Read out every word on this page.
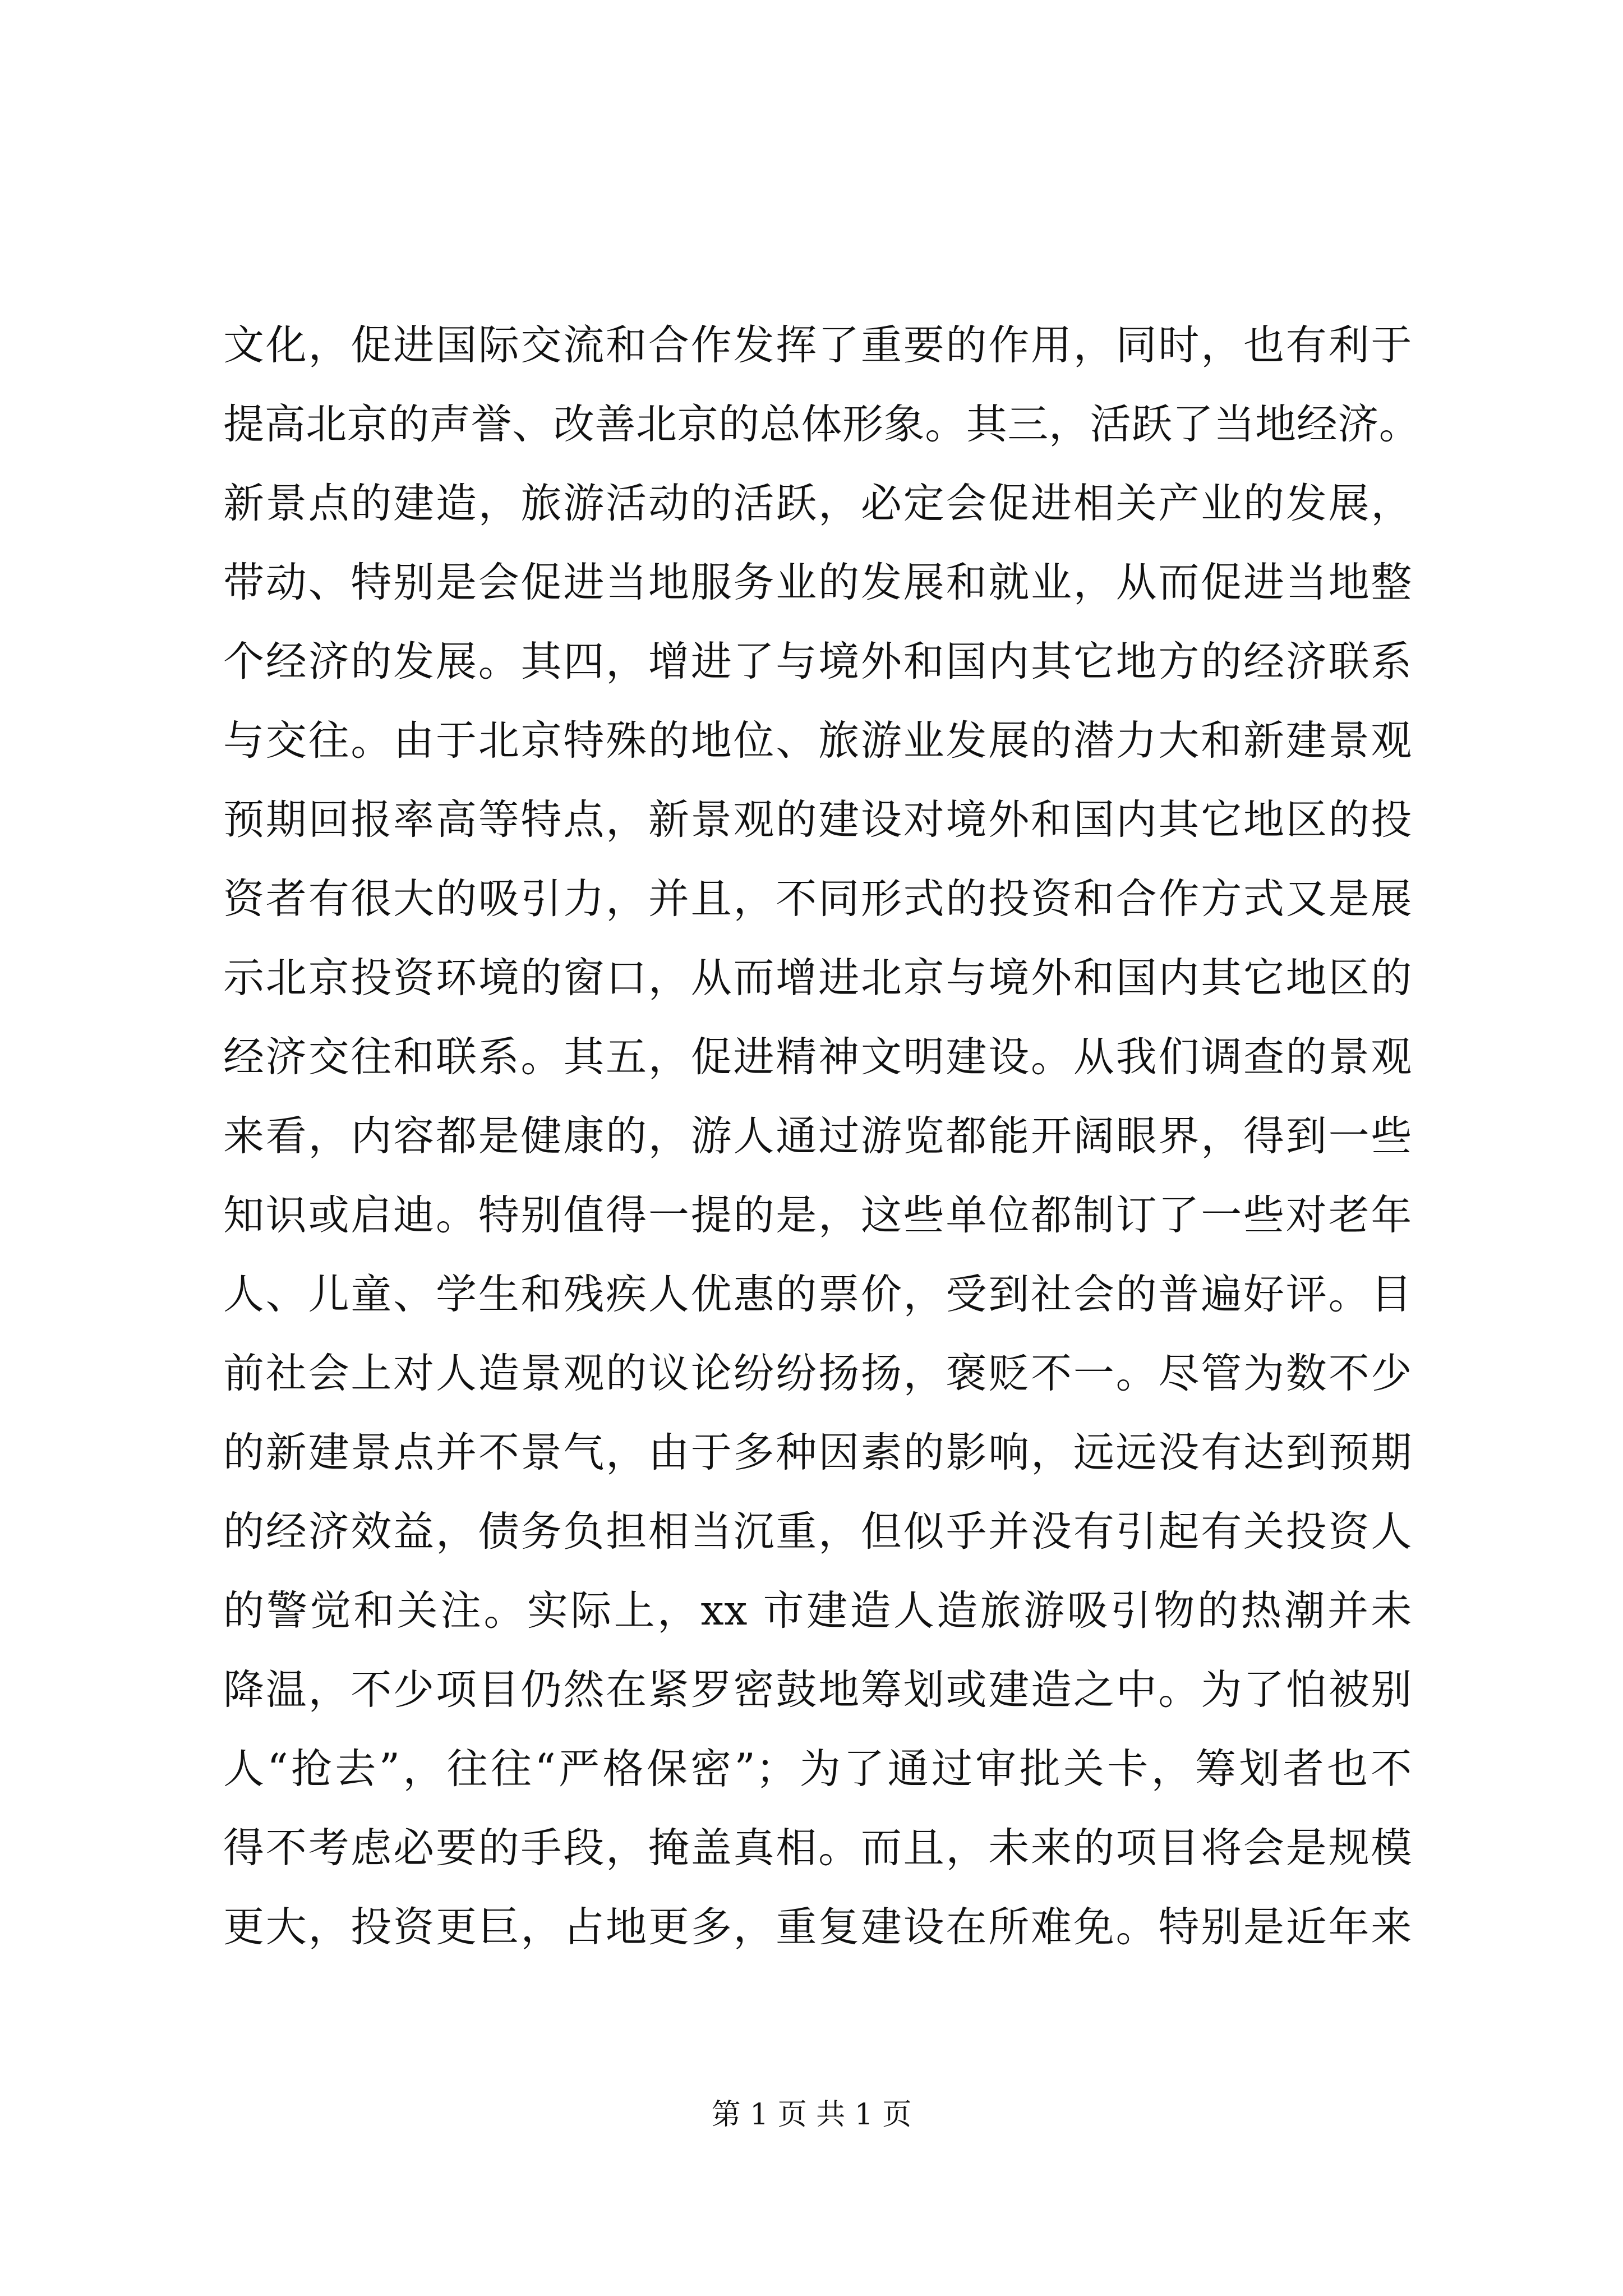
文化，促进国际交流和合作发挥了重要的作用，同时，也有利于
提高北京的声誉、改善北京的总体形象。其三，活跃了当地经济。
新景点的建造，旅游活动的活跃，必定会促进相关产业的发展，
带动、特别是会促进当地服务业的发展和就业，从而促进当地整
个经济的发展。其四，增进了与境外和国内其它地方的经济联系
与交往。由于北京特殊的地位、旅游业发展的潜力大和新建景观
预期回报率高等特点，新景观的建设对境外和国内其它地区的投
资者有很大的吸引力，并且，不同形式的投资和合作方式又是展
示北京投资环境的窗口，从而增进北京与境外和国内其它地区的
经济交往和联系。其五，促进精神文明建设。从我们调查的景观
来看，内容都是健康的，游人通过游览都能开阔眼界，得到一些
知识或启迪。特别值得一提的是，这些单位都制订了一些对老年
人、儿童、学生和残疾人优惠的票价，受到社会的普遍好评。目
前社会上对人造景观的议论纷纷扬扬，褒贬不一。尽管为数不少
的新建景点并不景气，由于多种因素的影响，远远没有达到预期
的经济效益，债务负担相当沉重，但似乎并没有引起有关投资人
的警觉和关注。实际上，xx 市建造人造旅游吸引物的热潮并未
降温，不少项目仍然在紧罗密鼓地筹划或建造之中。为了怕被别
人“抢去”，往往“严格保密”；为了通过审批关卡，筹划者也不
得不考虑必要的手段，掩盖真相。而且，未来的项目将会是规模
更大，投资更巨，占地更多，重复建设在所难免。特别是近年来
第 1 页 共 1 页
